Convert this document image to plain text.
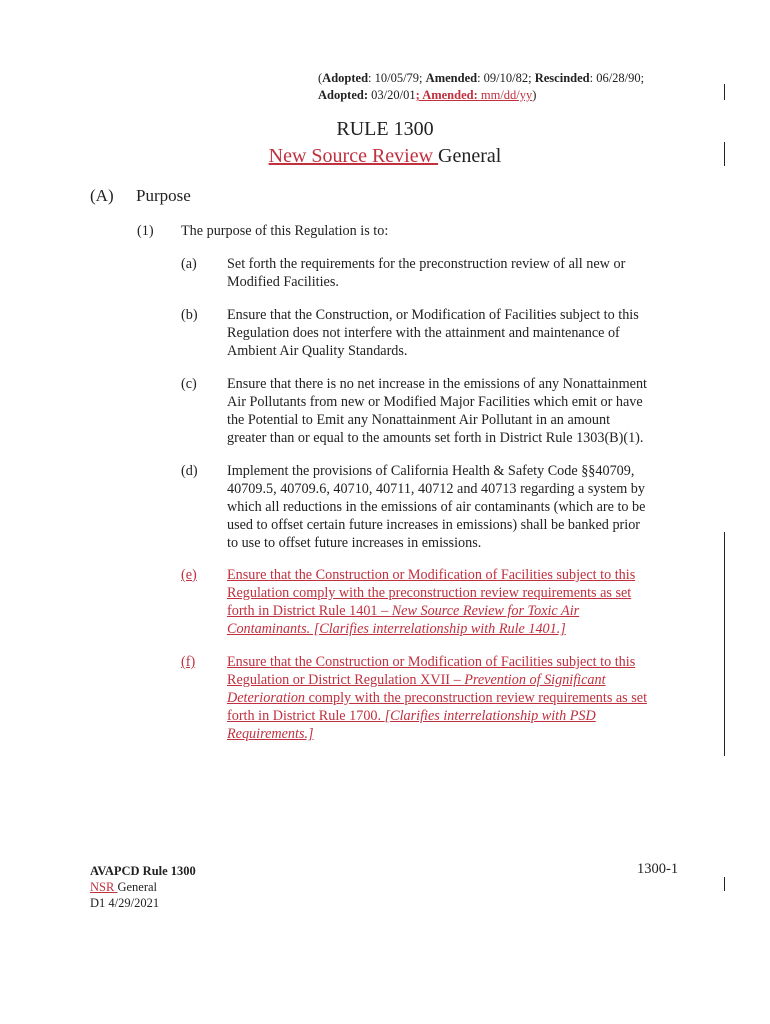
(Adopted: 10/05/79; Amended: 09/10/82; Rescinded: 06/28/90;
Adopted: 03/20/01; Amended: mm/dd/yy)
RULE 1300
New Source Review General
(A) Purpose
(1) The purpose of this Regulation is to:
(a) Set forth the requirements for the preconstruction review of all new or
Modified Facilities.
(b) Ensure that the Construction, or Modification of Facilities subject to this
Regulation does not interfere with the attainment and maintenance of
Ambient Air Quality Standards.
(c) Ensure that there is no net increase in the emissions of any Nonattainment
Air Pollutants from new or Modified Major Facilities which emit or have
the Potential to Emit any Nonattainment Air Pollutant in an amount
greater than or equal to the amounts set forth in District Rule 1303(B)(1).
(d) Implement the provisions of California Health & Safety Code §§40709,
40709.5, 40709.6, 40710, 40711, 40712 and 40713 regarding a system by
which all reductions in the emissions of air contaminants (which are to be
used to offset certain future increases in emissions) shall be banked prior
to use to offset future increases in emissions.
(e)	Ensure that the Construction or Modification of Facilities subject to this
Regulation comply with the preconstruction review requirements as set
forth in District Rule 1401 – New Source Review for Toxic Air
Contaminants. [Clarifies interrelationship with Rule 1401.]
(f)	Ensure that the Construction or Modification of Facilities subject to this
Regulation or District Regulation XVII – Prevention of Significant
Deterioration comply with the preconstruction review requirements as set
forth in District Rule 1700. [Clarifies interrelationship with PSD
Requirements.]
AVAPCD Rule 1300
NSR General
D1 4/29/2021
1300-1
